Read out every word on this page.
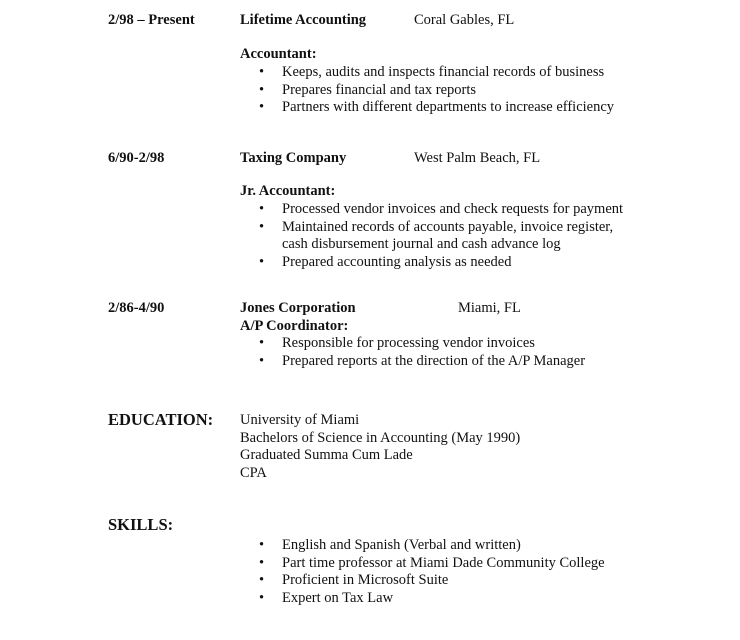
2/98 – Present	Lifetime Accounting	Coral Gables, FL
Accountant:
• Keeps, audits and inspects financial records of business
• Prepares financial and tax reports
• Partners with different departments to increase efficiency
6/90-2/98	Taxing Company	West Palm Beach, FL
Jr. Accountant:
• Processed vendor invoices and check requests for payment
• Maintained records of accounts payable, invoice register,
cash disbursement journal and cash advance log
• Prepared accounting analysis as needed
2/86-4/90	Jones Corporation	Miami, FL
A/P Coordinator:
• Responsible for processing vendor invoices
• Prepared reports at the direction of the A/P Manager
EDUCATION: University of Miami
Bachelors of Science in Accounting (May 1990)
Graduated Summa Cum Lade
CPA
SKILLS:
• English and Spanish (Verbal and written)
• Part time professor at Miami Dade Community College
• Proficient in Microsoft Suite
• Expert on Tax Law
